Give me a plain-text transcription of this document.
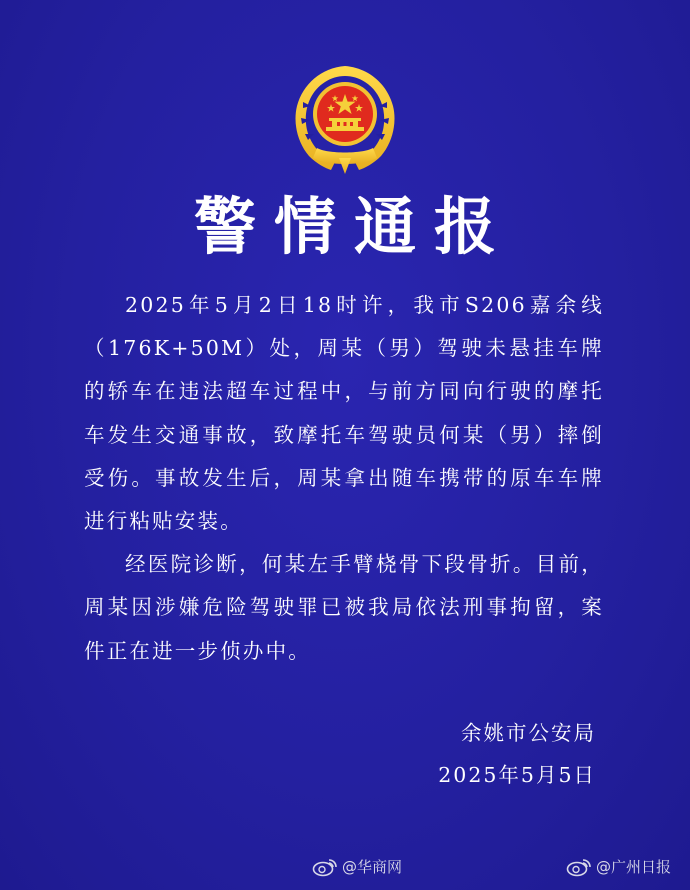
警情通报

2025年5月2日18时许，我市S206嘉余线（176K+50M）处，周某（男）驾驶未悬挂车牌的轿车在违法超车过程中，与前方同向行驶的摩托车发生交通事故，致摩托车驾驶员何某（男）摔倒受伤。事故发生后，周某拿出随车携带的原车车牌进行粘贴安装。

经医院诊断，何某左手臂桡骨下段骨折。目前，周某因涉嫌危险驾驶罪已被我局依法刑事拘留，案件正在进一步侦办中。

余姚市公安局
2025年5月5日
@华商网	@广州日报
